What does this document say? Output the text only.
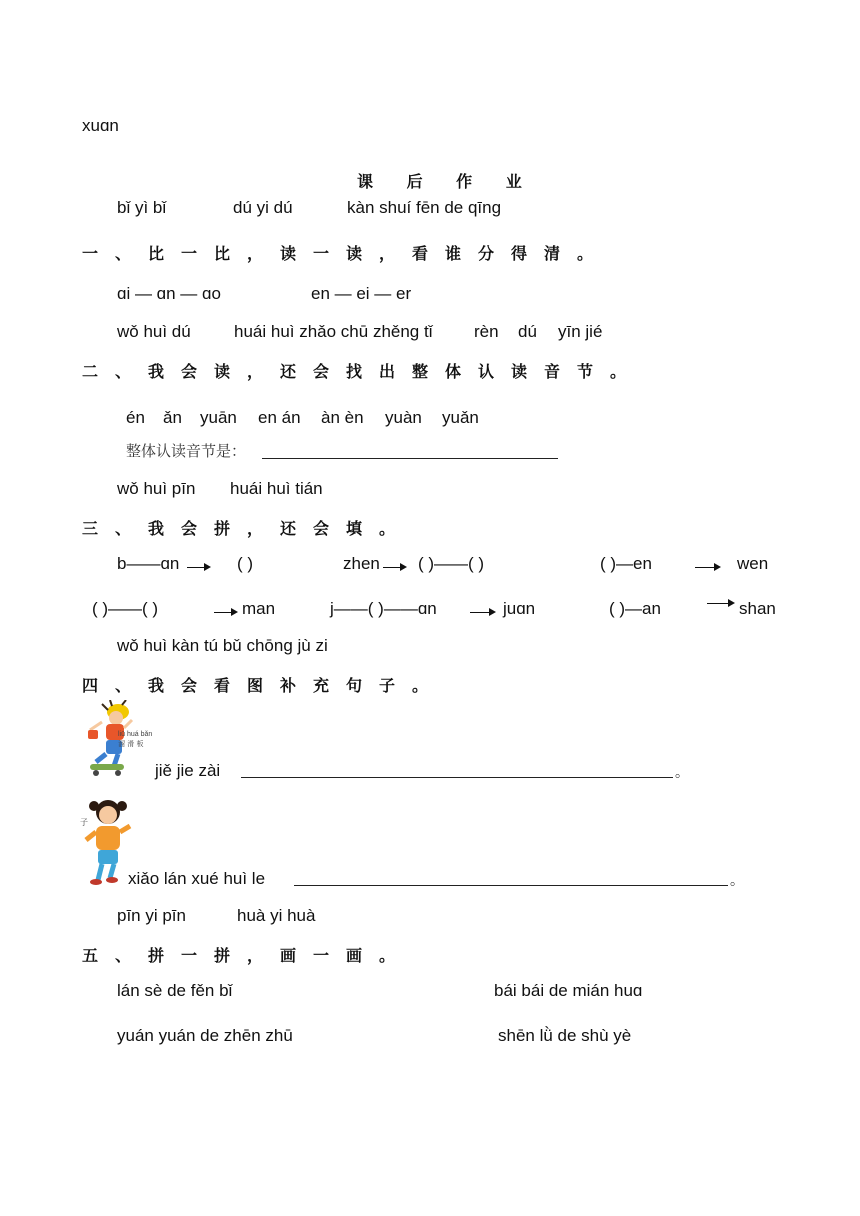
xuɑn
课 后 作 业
bǐ yì bǐ	dú yi dú	kàn shuí fēn de qīng
一、比一比，读一读，看谁分得清。
ɑi — ɑn — ɑo	en — ei — er
wǒ huì dú	huái huì zhǎo chū zhěng tǐ rèn dú yīn jié
二、我会读，还会找出整体认读音节。
én ǎn yuān en án àn èn yuàn yuǎn
整体认读音节是：
wǒ huì pīn huái huì tián
三、我会拼，还会填。
b——ɑn	( )	zhen ( )——( )	( )—en	wen
( )——( )	man	j——( )——ɑn	juɑn	( )—an	shan
wǒ huì kàn tú bǔ chōng jù zi
四、我会看图补充句子。
liū huá bǎn
溜 滑 板
jiě jie zài	。
子
xiǎo lán xué huì le	。
pīn yi pīn	huà yi huà
五、拼一拼，画一画。
lán sè de fěn bǐ	bái bái de mián huɑ
yuán yuán de zhēn zhū	shēn lǜ de shù yè
